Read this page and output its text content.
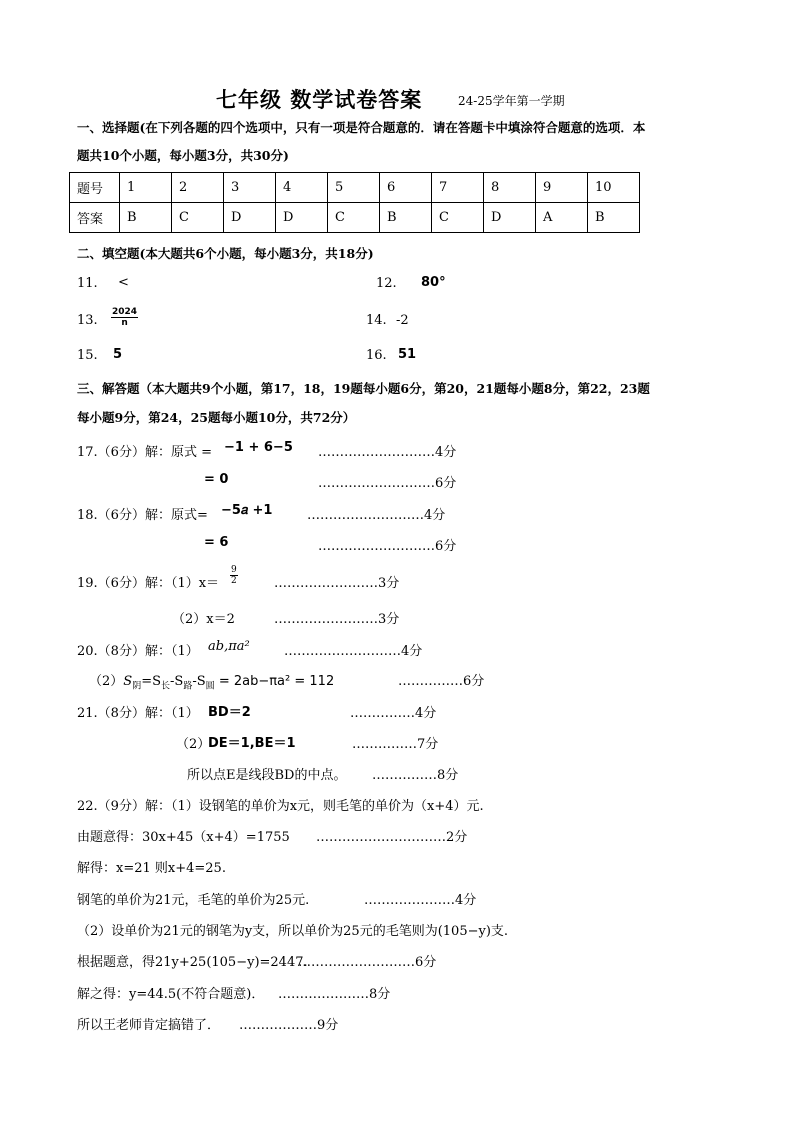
七年级 数学试卷答案	24-25学年第一学期
一、选择题(在下列各题的四个选项中，只有一项是符合题意的．请在答题卡中填涂符合题意的选项．本
题共10个小题，每小题3分，共30分)
题号	1	2	3	4	5	6	7	8	9	10
答案	B	C	D	D	C	B	C	D	A	B
二、填空题(本大题共6个小题，每小题3分，共18分)
11. <	12. 80°
13. $\frac{2024}{n}$	14. -2
15. 5	16. 51
三、解答题（本大题共9个小题，第17，18，19题每小题6分，第20，21题每小题8分，第22，23题
每小题9分，第24，25题每小题10分，共72分）
17.（6分）解：原式 = −1 + 6−5 ………………………4分
= 0	………………………6分
18.（6分）解：原式= −5𝑎 +1	………………………4分
= 6	………………………6分
19.（6分）解：$(1)x= \frac{9}{2}$	……………………3分
（2）x＝2	……………………3分
20.（8分）解：（1） ab,πa²	………………………4分
$(2)S_阴=S_长-S_路-S_圆 = 2ab-\pi a^2 = 112$	……………6分
21.（8分）解：（1） BD＝2	……………4分
（2）
DE＝1,BE＝1	……………7分
所以点E是线段BD的中点。 ……………8分
22.（9分）解：（1）设钢笔的单价为x元，则毛笔的单价为（x+4）元.
由题意得：30x+45（x+4）=1755 …………………………2分
解得：x=21 则x+4=25.
钢笔的单价为21元，毛笔的单价为25元.	…………………4分
（2）设单价为21元的钢笔为y支，所以单价为25元的毛笔则为(105−y)支.
根据题意，得21y+25(105−y)=2447.
………………………6分
解之得：y=44.5(不符合题意)． …………………8分
所以王老师肯定搞错了． ………………9分
